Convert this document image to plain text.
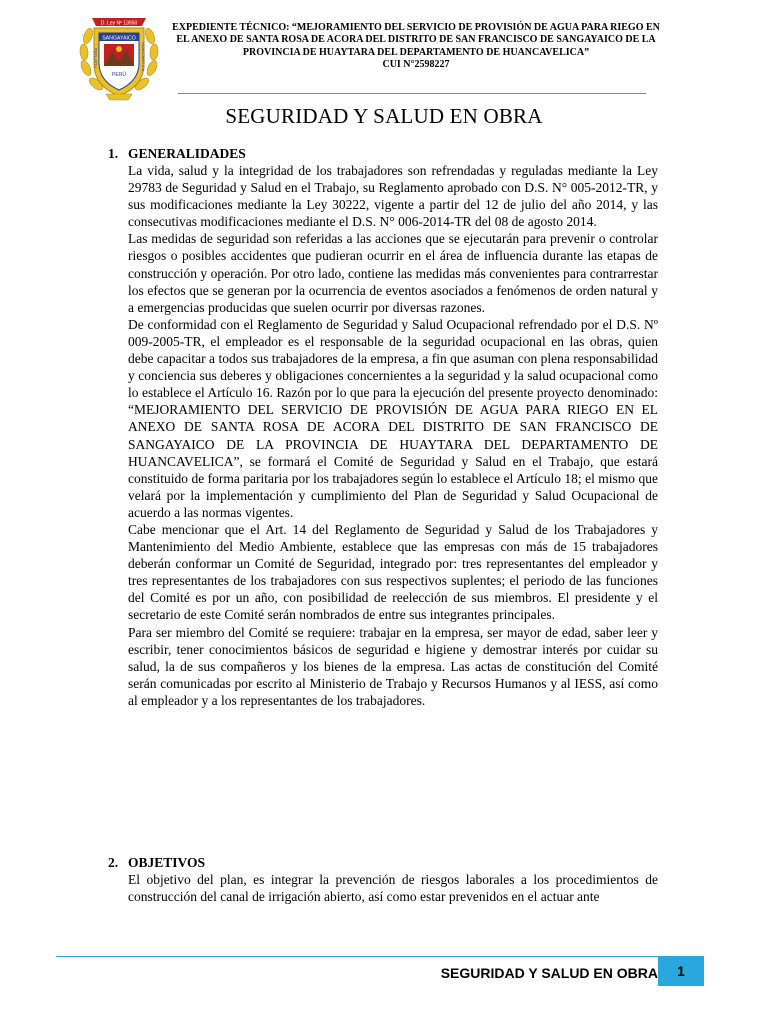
D. Ley Nº 13950
SANGAYAICO
PERÚ
HUAYTARA	HUANCAVELICA
EXPEDIENTE TÉCNICO: “MEJORAMIENTO DEL SERVICIO DE PROVISIÓN DE AGUA PARA RIEGO EN
EL ANEXO DE SANTA ROSA DE ACORA DEL DISTRITO DE SAN FRANCISCO DE SANGAYAICO DE LA
PROVINCIA DE HUAYTARA DEL DEPARTAMENTO DE HUANCAVELICA”
CUI N°2598227
SEGURIDAD Y SALUD EN OBRA
1. GENERALIDADES

La vida, salud y la integridad de los trabajadores son refrendadas y reguladas mediante la Ley 29783 de Seguridad y Salud en el Trabajo, su Reglamento aprobado con D.S. N° 005-2012-TR, y sus modificaciones mediante la Ley 30222, vigente a partir del 12 de julio del año 2014, y las consecutivas modificaciones mediante el D.S. N° 006-2014-TR del 08 de agosto 2014.

Las medidas de seguridad son referidas a las acciones que se ejecutarán para prevenir o controlar riesgos o posibles accidentes que pudieran ocurrir en el área de influencia durante las etapas de construcción y operación. Por otro lado, contiene las medidas más convenientes para contrarrestar los efectos que se generan por la ocurrencia de eventos asociados a fenómenos de orden natural y a emergencias producidas que suelen ocurrir por diversas razones.

De conformidad con el Reglamento de Seguridad y Salud Ocupacional refrendado por el D.S. Nº 009-2005-TR, el empleador es el responsable de la seguridad ocupacional en las obras, quien debe capacitar a todos sus trabajadores de la empresa, a fin que asuman con plena responsabilidad y conciencia sus deberes y obligaciones concernientes a la seguridad y la salud ocupacional como lo establece el Artículo 16. Razón por lo que para la ejecución del presente proyecto denominado: “MEJORAMIENTO DEL SERVICIO DE PROVISIÓN DE AGUA PARA RIEGO EN EL ANEXO DE SANTA ROSA DE ACORA DEL DISTRITO DE SAN FRANCISCO DE SANGAYAICO DE LA PROVINCIA DE HUAYTARA DEL DEPARTAMENTO DE HUANCAVELICA”, se formará el Comité de Seguridad y Salud en el Trabajo, que estará constituido de forma paritaria por los trabajadores según lo establece el Artículo 18; el mismo que velará por la implementación y cumplimiento del Plan de Seguridad y Salud Ocupacional de acuerdo a las normas vigentes.

Cabe mencionar que el Art. 14 del Reglamento de Seguridad y Salud de los Trabajadores y Mantenimiento del Medio Ambiente, establece que las empresas con más de 15 trabajadores deberán conformar un Comité de Seguridad, integrado por: tres representantes del empleador y tres representantes de los trabajadores con sus respectivos suplentes; el periodo de las funciones del Comité es por un año, con posibilidad de reelección de sus miembros. El presidente y el secretario de este Comité serán nombrados de entre sus integrantes principales.

Para ser miembro del Comité se requiere: trabajar en la empresa, ser mayor de edad, saber leer y escribir, tener conocimientos básicos de seguridad e higiene y demostrar interés por cuidar su salud, la de sus compañeros y los bienes de la empresa. Las actas de constitución del Comité serán comunicadas por escrito al Ministerio de Trabajo y Recursos Humanos y al IESS, así como al empleador y a los representantes de los trabajadores.

2. OBJETIVOS

El objetivo del plan, es integrar la prevención de riesgos laborales a los procedimientos de construcción del canal de irrigación abierto, así como estar prevenidos en el actuar ante

SEGURIDAD Y SALUD EN OBRA	1
